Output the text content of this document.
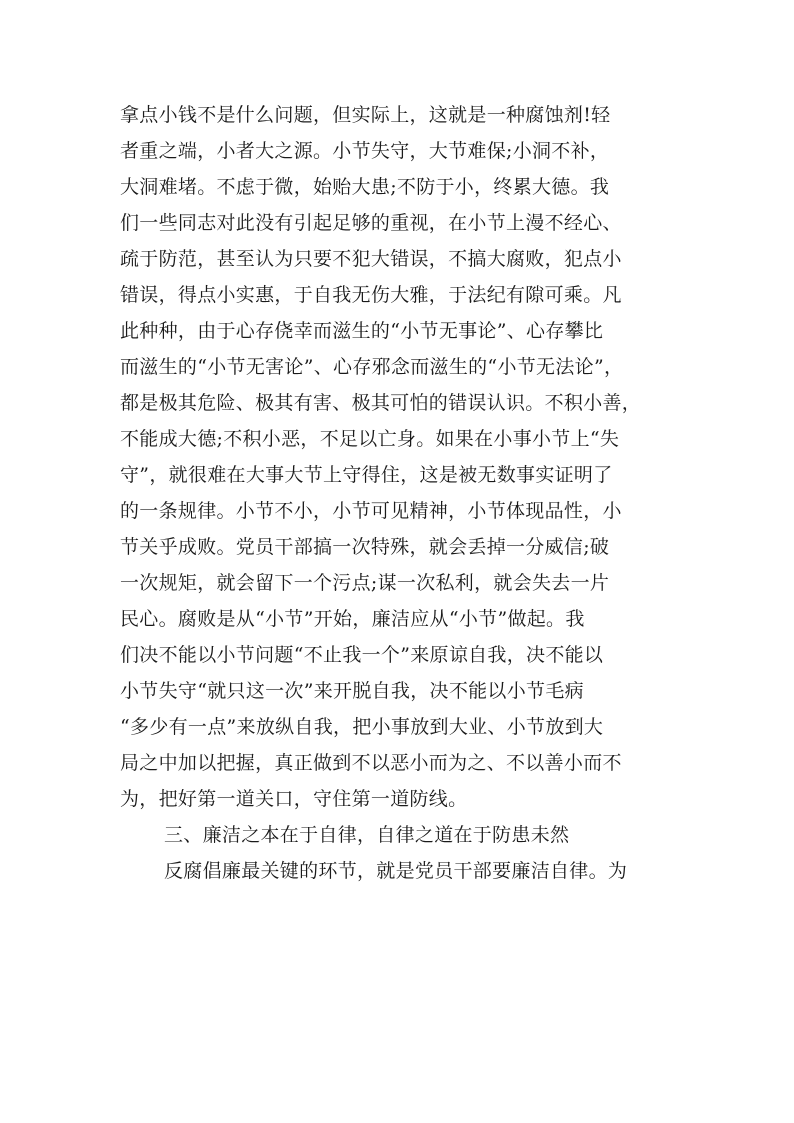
拿点小钱不是什么问题，但实际上，这就是一种腐蚀剂!轻
者重之端，小者大之源。小节失守，大节难保;小洞不补，
大洞难堵。不虑于微，始贻大患;不防于小，终累大德。我
们一些同志对此没有引起足够的重视，在小节上漫不经心、
疏于防范，甚至认为只要不犯大错误，不搞大腐败，犯点小
错误，得点小实惠，于自我无伤大雅，于法纪有隙可乘。凡
此种种，由于心存侥幸而滋生的“小节无事论”、心存攀比
而滋生的“小节无害论”、心存邪念而滋生的“小节无法论”，
都是极其危险、极其有害、极其可怕的错误认识。不积小善，
不能成大德;不积小恶，不足以亡身。如果在小事小节上“失
守”，就很难在大事大节上守得住，这是被无数事实证明了
的一条规律。小节不小，小节可见精神，小节体现品性，小
节关乎成败。党员干部搞一次特殊，就会丢掉一分威信;破
一次规矩，就会留下一个污点;谋一次私利，就会失去一片
民心。腐败是从“小节”开始，廉洁应从“小节”做起。我
们决不能以小节问题“不止我一个”来原谅自我，决不能以
小节失守“就只这一次”来开脱自我，决不能以小节毛病
“多少有一点”来放纵自我，把小事放到大业、小节放到大
局之中加以把握，真正做到不以恶小而为之、不以善小而不
为，把好第一道关口，守住第一道防线。
三、廉洁之本在于自律，自律之道在于防患未然
反腐倡廉最关键的环节，就是党员干部要廉洁自律。为
